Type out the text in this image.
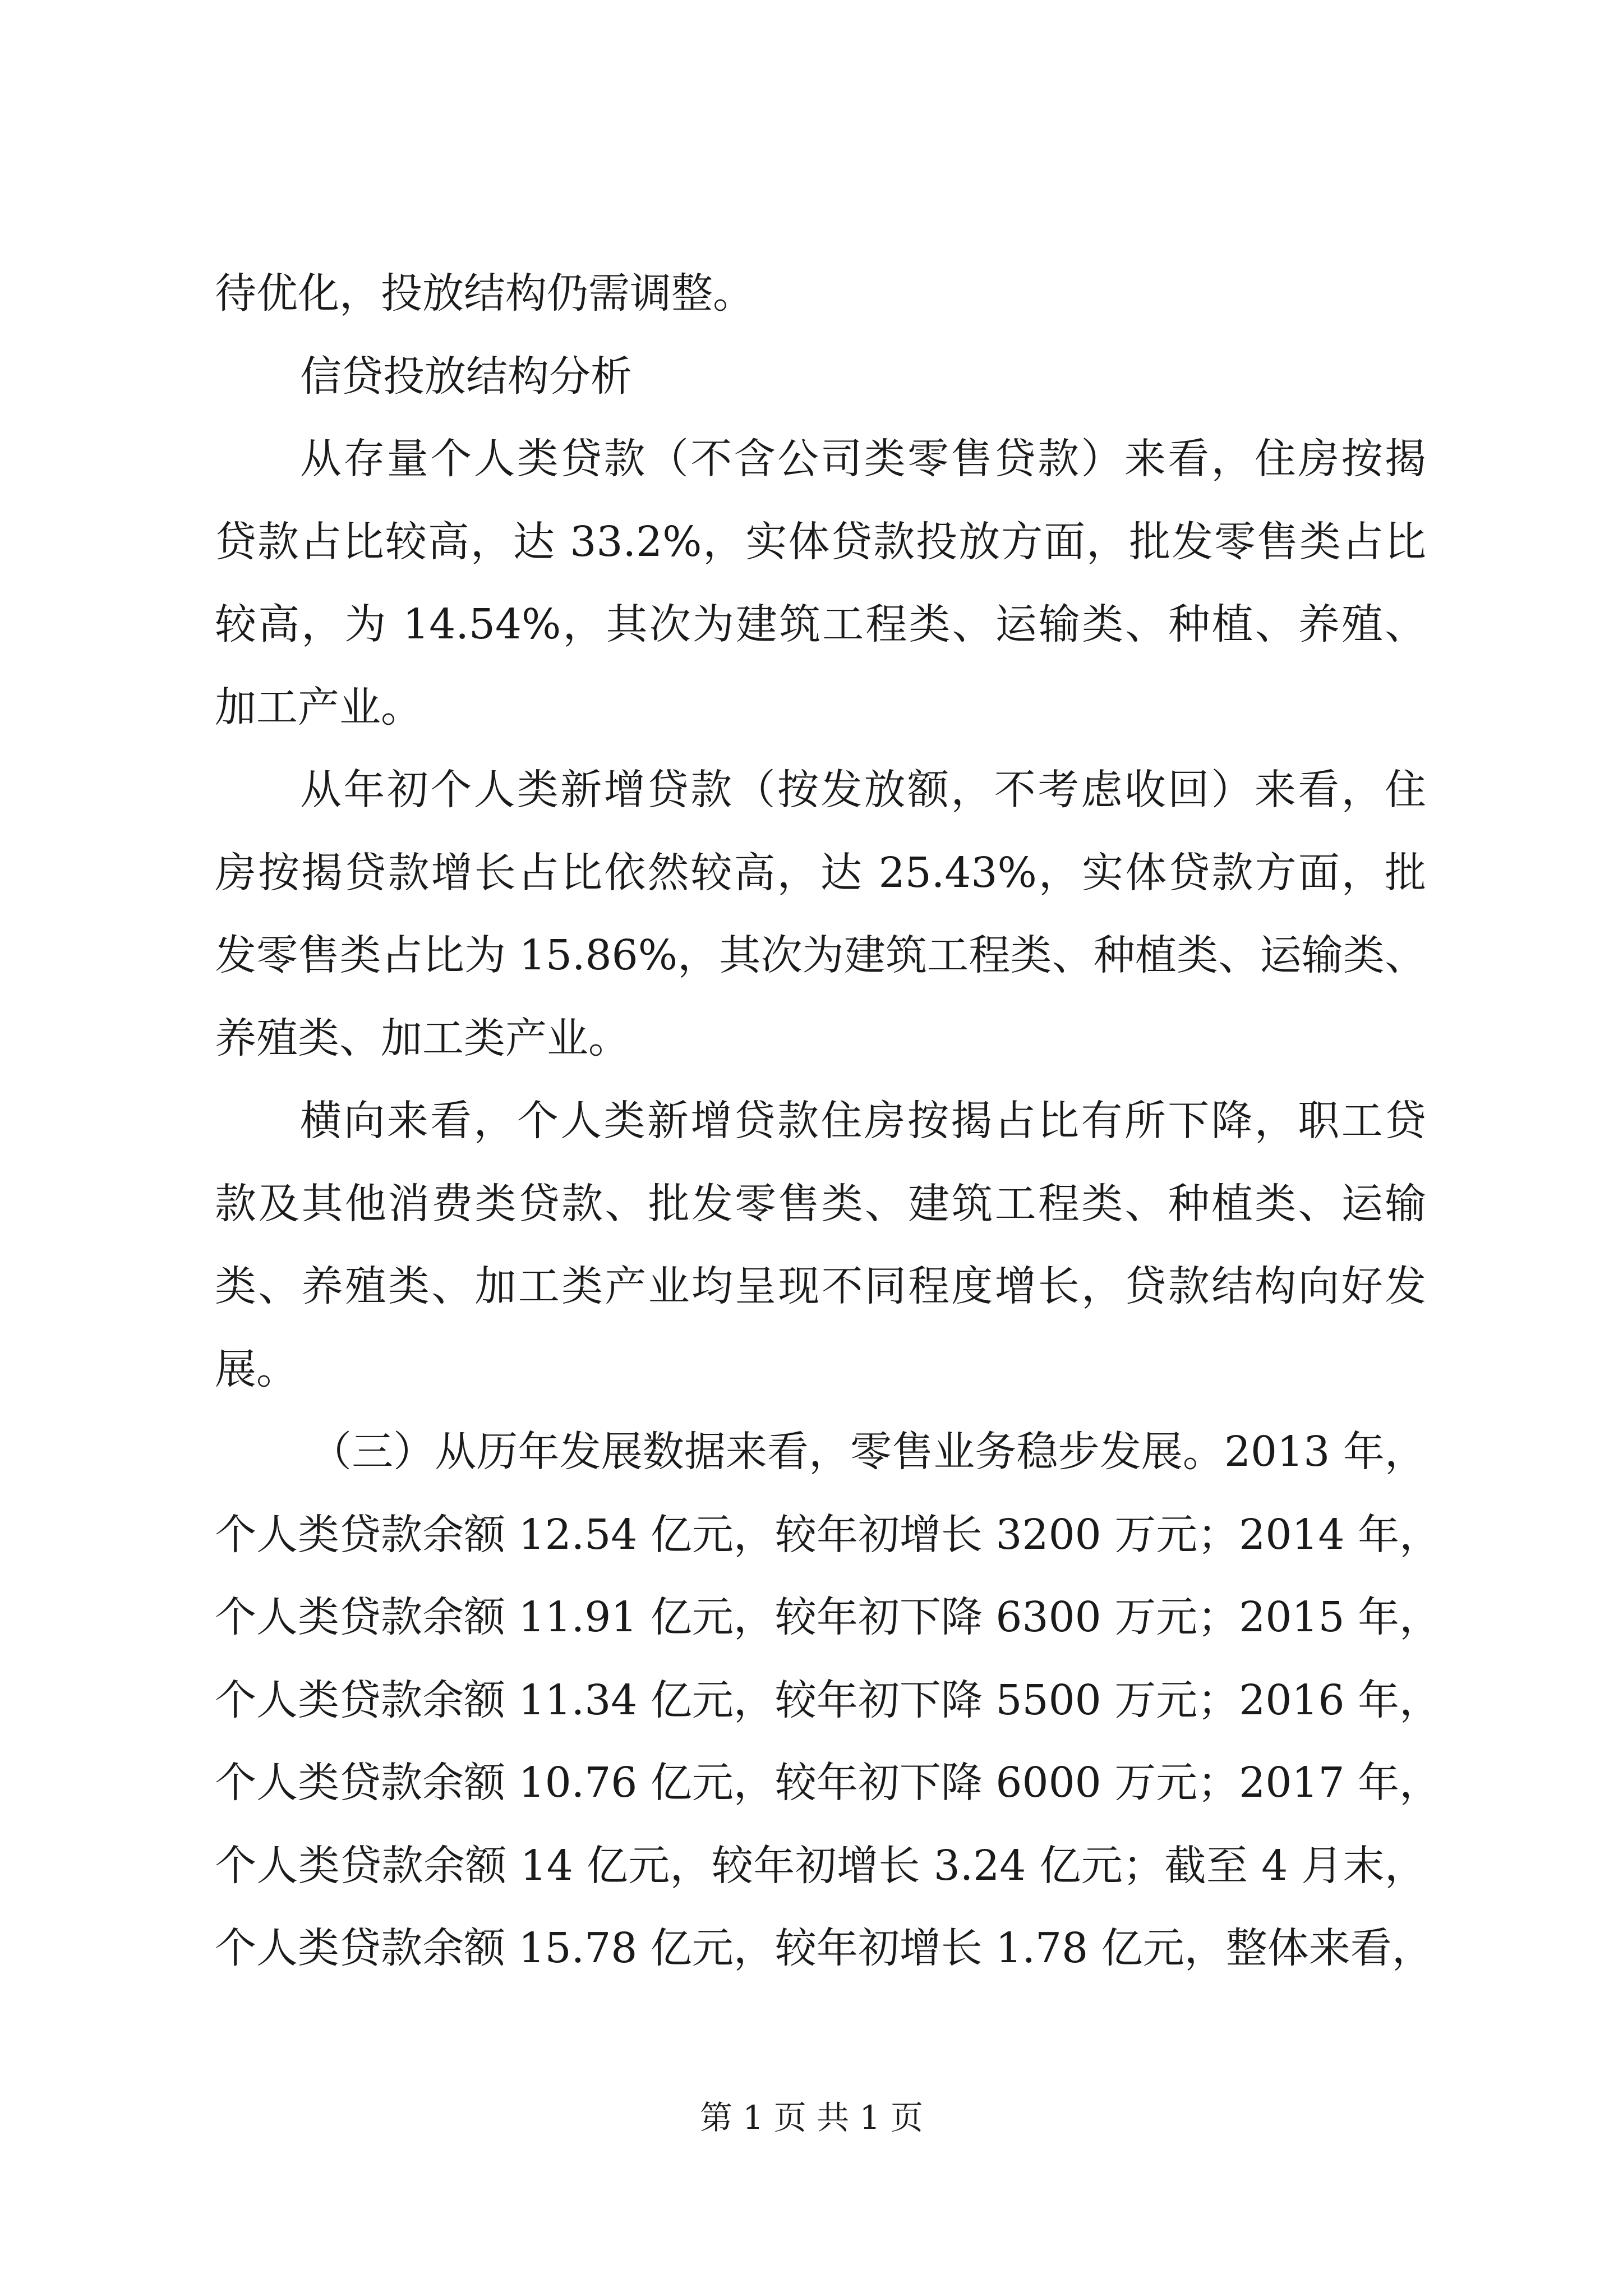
待优化，投放结构仍需调整。
信贷投放结构分析
从存量个人类贷款（不含公司类零售贷款）来看，住房按揭
贷款占比较高，达 33.2%，实体贷款投放方面，批发零售类占比
较高，为 14.54%，其次为建筑工程类、运输类、种植、养殖、
加工产业。
从年初个人类新增贷款（按发放额，不考虑收回）来看，住
房按揭贷款增长占比依然较高，达 25.43%，实体贷款方面，批
发零售类占比为 15.86%，其次为建筑工程类、种植类、运输类、
养殖类、加工类产业。
横向来看，个人类新增贷款住房按揭占比有所下降，职工贷
款及其他消费类贷款、批发零售类、建筑工程类、种植类、运输
类、养殖类、加工类产业均呈现不同程度增长，贷款结构向好发
展。
（三）从历年发展数据来看，零售业务稳步发展。2013 年，
个人类贷款余额 12.54 亿元，较年初增长 3200 万元；2014 年，
个人类贷款余额 11.91 亿元，较年初下降 6300 万元；2015 年，
个人类贷款余额 11.34 亿元，较年初下降 5500 万元；2016 年，
个人类贷款余额 10.76 亿元，较年初下降 6000 万元；2017 年，
个人类贷款余额 14 亿元，较年初增长 3.24 亿元；截至 4 月末，
个人类贷款余额 15.78 亿元，较年初增长 1.78 亿元，整体来看，
第 1 页 共 1 页
